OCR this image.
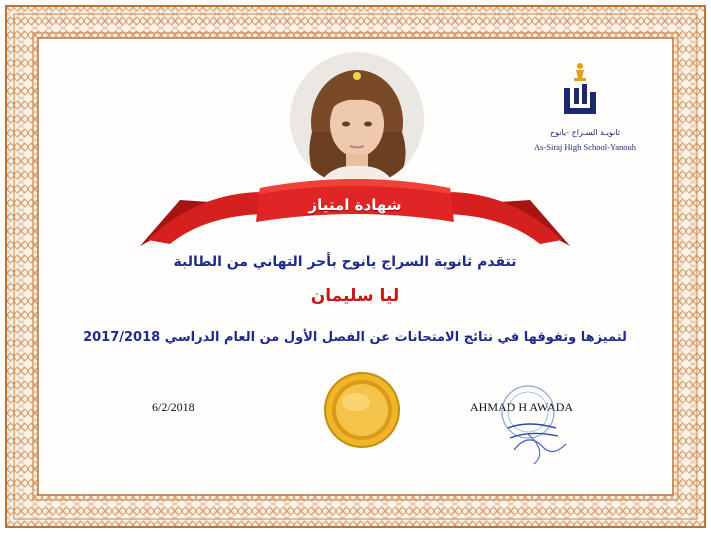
شهادة امتياز
ثانويـة السـراج -يانوح
As-Siraj High School-Yanouh
تتقدم ثانوية السراج يانوح بأحر التهاني من الطالبة
ليا سليمان
لتميزها وتفوقها في نتائج الامتحانات عن الفصل الأول من العام الدراسي 2017/2018
6/2/2018	AHMAD H AWADA
